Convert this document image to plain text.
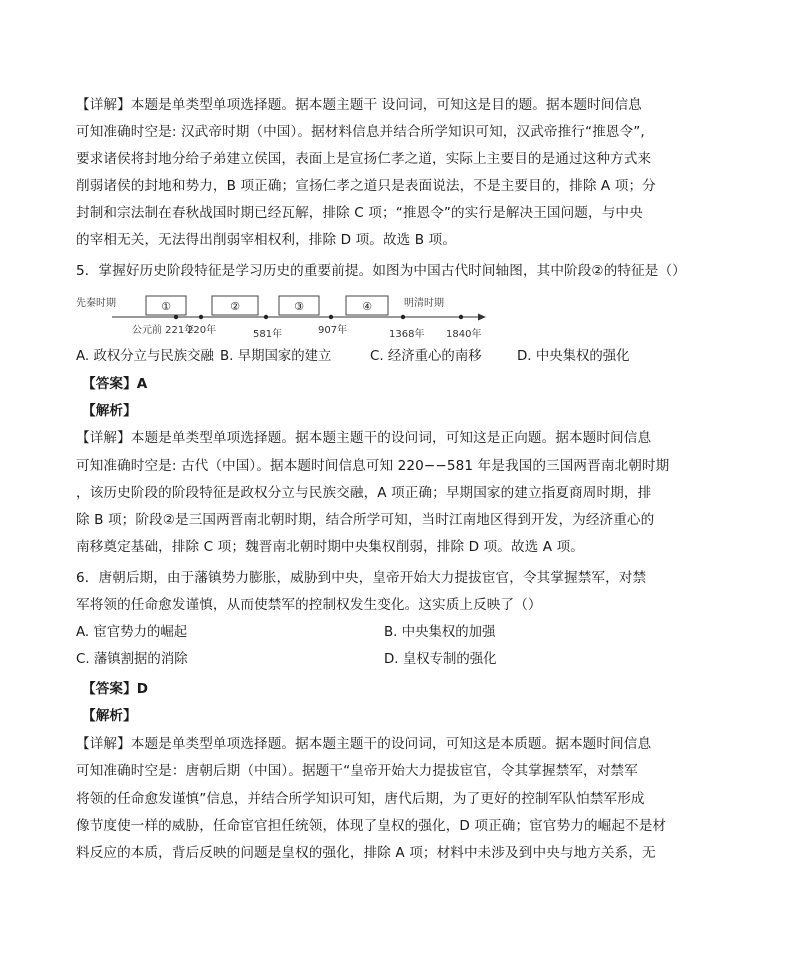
【详解】本题是单类型单项选择题。据本题主题干 设问词，可知这是目的题。据本题时间信息
可知准确时空是: 汉武帝时期（中国）。据材料信息并结合所学知识可知，汉武帝推行“推恩令”,
要求诸侯将封地分给子弟建立侯国，表面上是宣扬仁孝之道，实际上主要目的是通过这种方式来
削弱诸侯的封地和势力，B 项正确；宣扬仁孝之道只是表面说法，不是主要目的，排除 A 项；分
封制和宗法制在春秋战国时期已经瓦解，排除 C 项；“推恩令”的实行是解决王国问题，与中央
的宰相无关，无法得出削弱宰相权利，排除 D 项。故选 B 项。
5．掌握好历史阶段特征是学习历史的重要前提。如图为中国古代时间轴图，其中阶段②的特征是（）
先秦时期	明清时期
①	②	③	④
公元前 221年
220年	581年	907年	1368年 1840年
A. 政权分立与民族交融 B. 早期国家的建立	C. 经济重心的南移	D. 中央集权的强化
【答案】A
【解析】
【详解】本题是单类型单项选择题。据本题主题干的设问词，可知这是正向题。据本题时间信息
可知准确时空是: 古代（中国）。据本题时间信息可知 220−−581 年是我国的三国两晋南北朝时期
，该历史阶段的阶段特征是政权分立与民族交融，A 项正确；早期国家的建立指夏商周时期，排
除 B 项；阶段②是三国两晋南北朝时期，结合所学可知，当时江南地区得到开发，为经济重心的
南移奠定基础，排除 C 项；魏晋南北朝时期中央集权削弱，排除 D 项。故选 A 项。
6．唐朝后期，由于藩镇势力膨胀，威胁到中央，皇帝开始大力提拔宦官，令其掌握禁军，对禁
军将领的任命愈发谨慎，从而使禁军的控制权发生变化。这实质上反映了（）
A. 宦官势力的崛起	B. 中央集权的加强
C. 藩镇割据的消除	D. 皇权专制的强化
【答案】D
【解析】
【详解】本题是单类型单项选择题。据本题主题干的设问词，可知这是本质题。据本题时间信息
可知准确时空是：唐朝后期（中国）。据题干“皇帝开始大力提拔宦官，令其掌握禁军，对禁军
将领的任命愈发谨慎”信息，并结合所学知识可知，唐代后期，为了更好的控制军队怕禁军形成
像节度使一样的威胁，任命宦官担任统领，体现了皇权的强化，D 项正确；宦官势力的崛起不是材
料反应的本质，背后反映的问题是皇权的强化，排除 A 项；材料中未涉及到中央与地方关系，无
